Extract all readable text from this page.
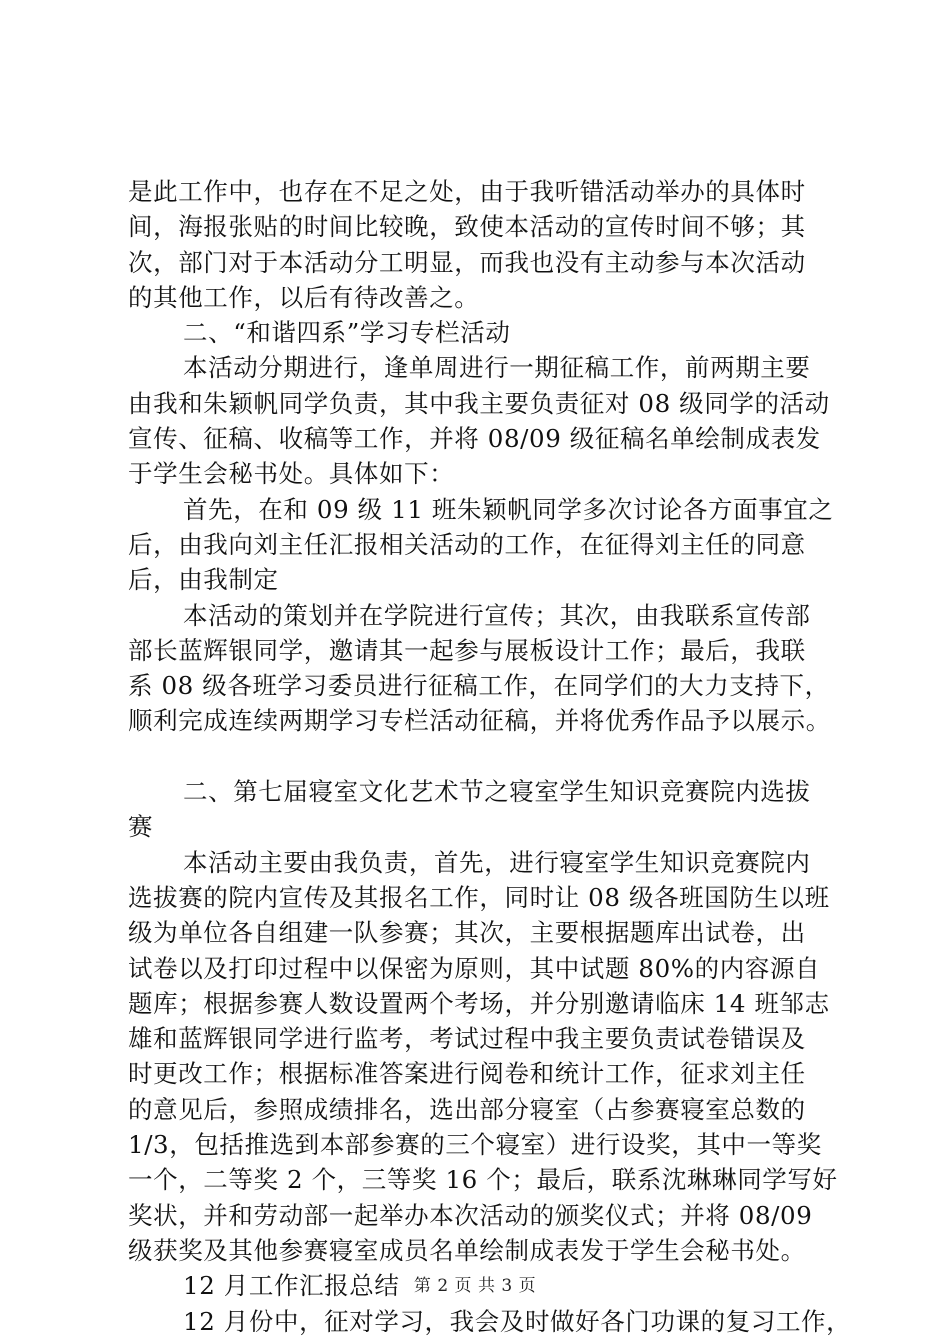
是此工作中，也存在不足之处，由于我听错活动举办的具体时
间，海报张贴的时间比较晚，致使本活动的宣传时间不够；其
次，部门对于本活动分工明显，而我也没有主动参与本次活动
的其他工作，以后有待改善之。
二、“和谐四系”学习专栏活动
本活动分期进行，逢单周进行一期征稿工作，前两期主要
由我和朱颖帆同学负责，其中我主要负责征对 08 级同学的活动
宣传、征稿、收稿等工作，并将 08/09 级征稿名单绘制成表发
于学生会秘书处。具体如下：
首先，在和 09 级 11 班朱颖帆同学多次讨论各方面事宜之
后，由我向刘主任汇报相关活动的工作，在征得刘主任的同意
后，由我制定
本活动的策划并在学院进行宣传；其次，由我联系宣传部
部长蓝辉银同学，邀请其一起参与展板设计工作；最后，我联
系 08 级各班学习委员进行征稿工作，在同学们的大力支持下，
顺利完成连续两期学习专栏活动征稿，并将优秀作品予以展示。
二、第七届寝室文化艺术节之寝室学生知识竞赛院内选拔
赛
本活动主要由我负责，首先，进行寝室学生知识竞赛院内
选拔赛的院内宣传及其报名工作，同时让 08 级各班国防生以班
级为单位各自组建一队参赛；其次，主要根据题库出试卷，出
试卷以及打印过程中以保密为原则，其中试题 80%的内容源自
题库；根据参赛人数设置两个考场，并分别邀请临床 14 班邹志
雄和蓝辉银同学进行监考，考试过程中我主要负责试卷错误及
时更改工作；根据标准答案进行阅卷和统计工作，征求刘主任
的意见后，参照成绩排名，选出部分寝室（占参赛寝室总数的
1/3，包括推选到本部参赛的三个寝室）进行设奖，其中一等奖
一个，二等奖 2 个，三等奖 16 个；最后，联系沈琳琳同学写好
奖状，并和劳动部一起举办本次活动的颁奖仪式；并将 08/09
级获奖及其他参赛寝室成员名单绘制成表发于学生会秘书处。
12 月工作汇报总结
12 月份中，征对学习，我会及时做好各门功课的复习工作，
第 2 页 共 3 页
